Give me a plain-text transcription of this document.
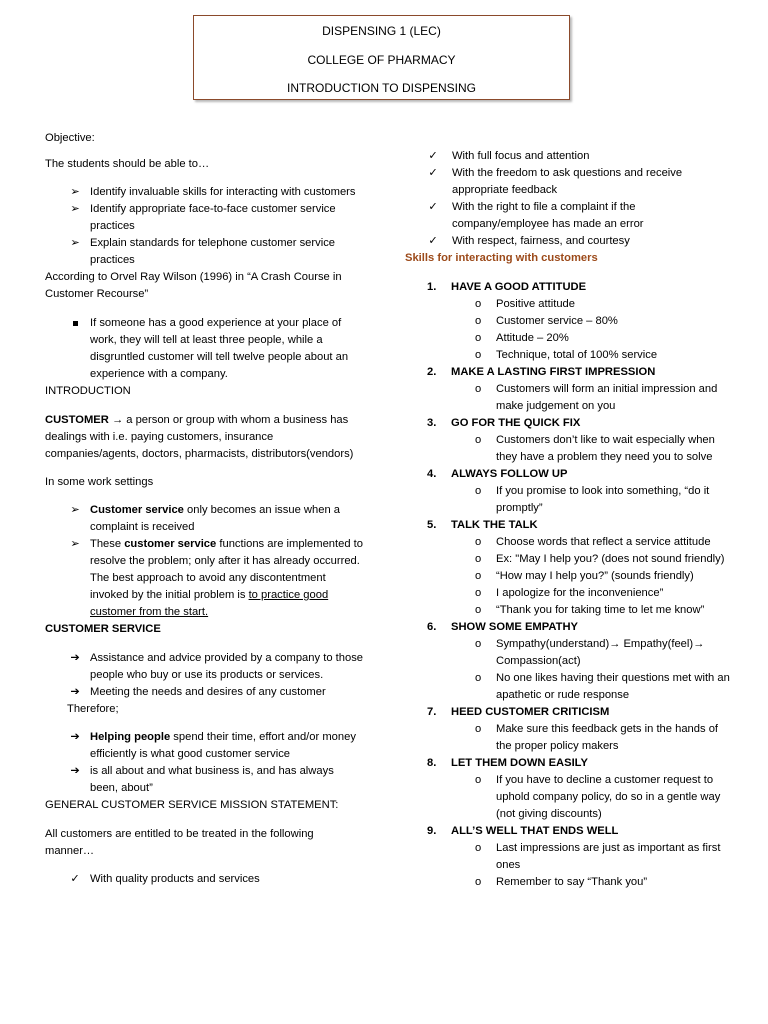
DISPENSING 1 (LEC)
COLLEGE OF PHARMACY
INTRODUCTION TO DISPENSING

Objective:

The students should be able to…

➢ Identify invaluable skills for interacting with customers
➢ Identify appropriate face-to-face customer service practices
➢ Explain standards for telephone customer service practices

According to Orvel Ray Wilson (1996) in “A Crash Course in Customer Recourse”

If someone has a good experience at your place of work, they will tell at least three people, while a disgruntled customer will tell twelve people about an experience with a company.

INTRODUCTION

CUSTOMER → a person or group with whom a business has dealings with i.e. paying customers, insurance companies/agents, doctors, pharmacists, distributors(vendors)

In some work settings

➢ Customer service only becomes an issue when a complaint is received
➢ These customer service functions are implemented to resolve the problem; only after it has already occurred. The best approach to avoid any discontentment invoked by the initial problem is to practice good customer from the start.

CUSTOMER SERVICE

➔ Assistance and advice provided by a company to those people who buy or use its products or services.
➔ Meeting the needs and desires of any customer

Therefore;

➔ Helping people spend their time, effort and/or money efficiently is what good customer service
➔ is all about and what business is, and has always been, about”

GENERAL CUSTOMER SERVICE MISSION STATEMENT:

All customers are entitled to be treated in the following manner…

✓ With quality products and services
✓ With full focus and attention
✓ With the freedom to ask questions and receive appropriate feedback
✓ With the right to file a complaint if the company/employee has made an error
✓ With respect, fairness, and courtesy

Skills for interacting with customers

1. HAVE A GOOD ATTITUDE
o Positive attitude
o Customer service – 80%
o Attitude – 20%
o Technique, total of 100% service
2. MAKE A LASTING FIRST IMPRESSION
o Customers will form an initial impression and make judgement on you
3. GO FOR THE QUICK FIX
o Customers don’t like to wait especially when they have a problem they need you to solve
4. ALWAYS FOLLOW UP
o If you promise to look into something, “do it promptly”
5. TALK THE TALK
o Choose words that reflect a service attitude
o Ex: "May I help you? (does not sound friendly)
o “How may I help you?” (sounds friendly)
o I apologize for the inconvenience”
o “Thank you for taking time to let me know”
6. SHOW SOME EMPATHY
o Sympathy(understand)→ Empathy(feel)→ Compassion(act)
o No one likes having their questions met with an apathetic or rude response
7. HEED CUSTOMER CRITICISM
o Make sure this feedback gets in the hands of the proper policy makers
8. LET THEM DOWN EASILY
o If you have to decline a customer request to uphold company policy, do so in a gentle way (not giving discounts)
9. ALL’S WELL THAT ENDS WELL
o Last impressions are just as important as first ones
o Remember to say “Thank you”
